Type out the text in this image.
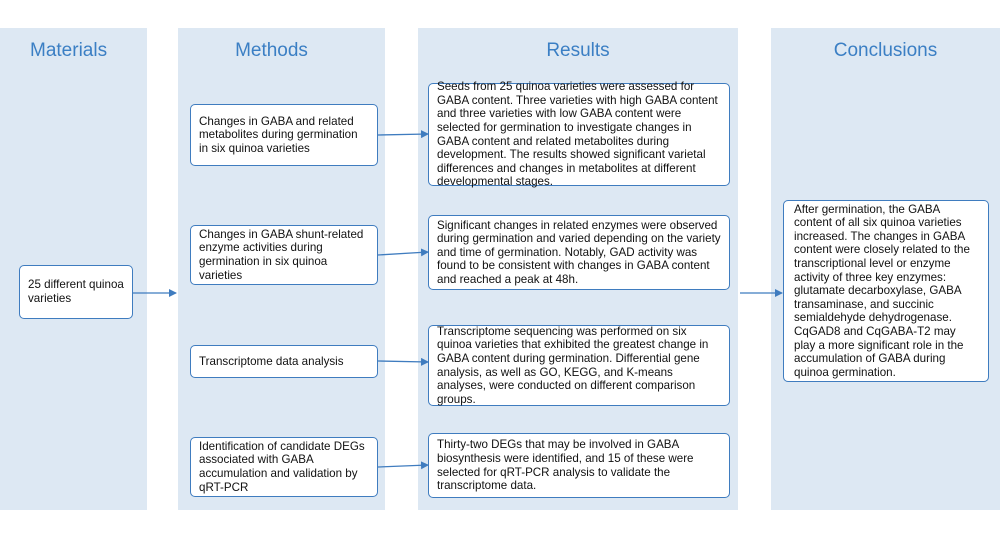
Materials	Methods	Results	Conclusions
25 different quinoa varieties
Changes in GABA and related metabolites during germination in six quinoa varieties
Changes in GABA shunt-related enzyme activities during germination in six quinoa varieties
Transcriptome data analysis
Identification of candidate DEGs associated with GABA accumulation and validation by qRT-PCR
Seeds from 25 quinoa varieties were assessed for GABA content. Three varieties with high GABA content and three varieties with low GABA content were selected for germination to investigate changes in GABA content and related metabolites during development. The results showed significant varietal differences and changes in metabolites at different developmental stages.
Significant changes in related enzymes were observed during germination and varied depending on the variety and time of germination. Notably, GAD activity was found to be consistent with changes in GABA content and reached a peak at 48h.
Transcriptome sequencing was performed on six quinoa varieties that exhibited the greatest change in GABA content during germination. Differential gene analysis, as well as GO, KEGG, and K-means analyses, were conducted on different comparison groups.
Thirty-two DEGs that may be involved in GABA biosynthesis were identified, and 15 of these were selected for qRT-PCR analysis to validate the transcriptome data.
After germination, the GABA content of all six quinoa varieties increased. The changes in GABA content were closely related to the transcriptional level or enzyme activity of three key enzymes: glutamate decarboxylase, GABA transaminase, and succinic semialdehyde dehydrogenase. CqGAD8 and CqGABA-T2 may play a more significant role in the accumulation of GABA during quinoa germination.
